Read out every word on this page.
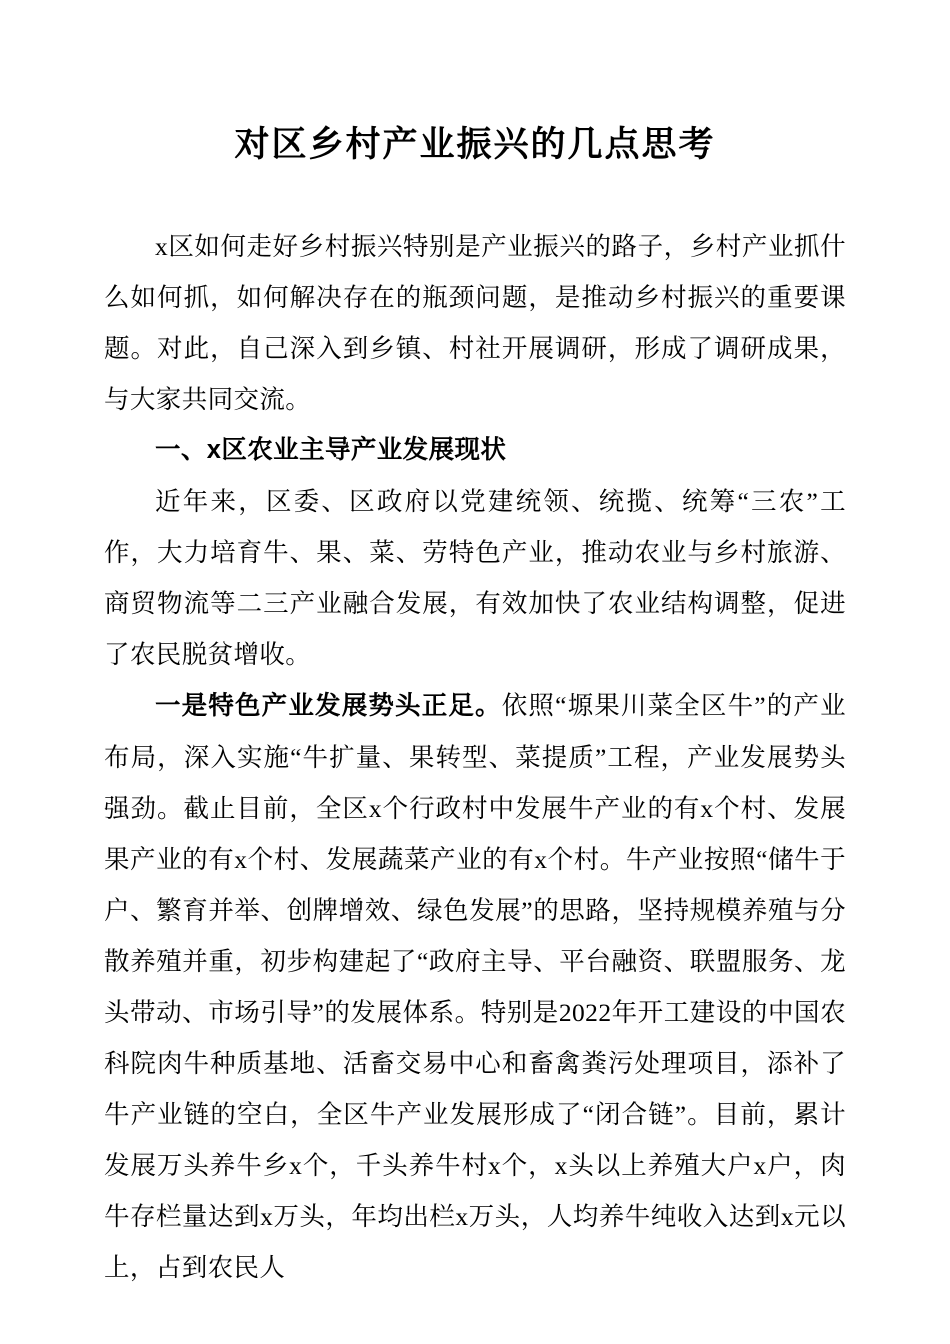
对区乡村产业振兴的几点思考

x区如何走好乡村振兴特别是产业振兴的路子，乡村产业抓什么如何抓，如何解决存在的瓶颈问题，是推动乡村振兴的重要课题。对此，自己深入到乡镇、村社开展调研，形成了调研成果，与大家共同交流。

一、x区农业主导产业发展现状

近年来，区委、区政府以党建统领、统揽、统筹“三农”工作，大力培育牛、果、菜、劳特色产业，推动农业与乡村旅游、商贸物流等二三产业融合发展，有效加快了农业结构调整，促进了农民脱贫增收。

一是特色产业发展势头正足。依照“塬果川菜全区牛”的产业布局，深入实施“牛扩量、果转型、菜提质”工程，产业发展势头强劲。截止目前，全区x个行政村中发展牛产业的有x个村、发展果产业的有x个村、发展蔬菜产业的有x个村。牛产业按照“储牛于户、繁育并举、创牌增效、绿色发展”的思路，坚持规模养殖与分散养殖并重，初步构建起了“政府主导、平台融资、联盟服务、龙头带动、市场引导”的发展体系。特别是2022年开工建设的中国农科院肉牛种质基地、活畜交易中心和畜禽粪污处理项目，添补了牛产业链的空白，全区牛产业发展形成了“闭合链”。目前，累计发展万头养牛乡x个，千头养牛村x个，x头以上养殖大户x户，肉牛存栏量达到x万头，年均出栏x万头，人均养牛纯收入达到x元以上，占到农民人
